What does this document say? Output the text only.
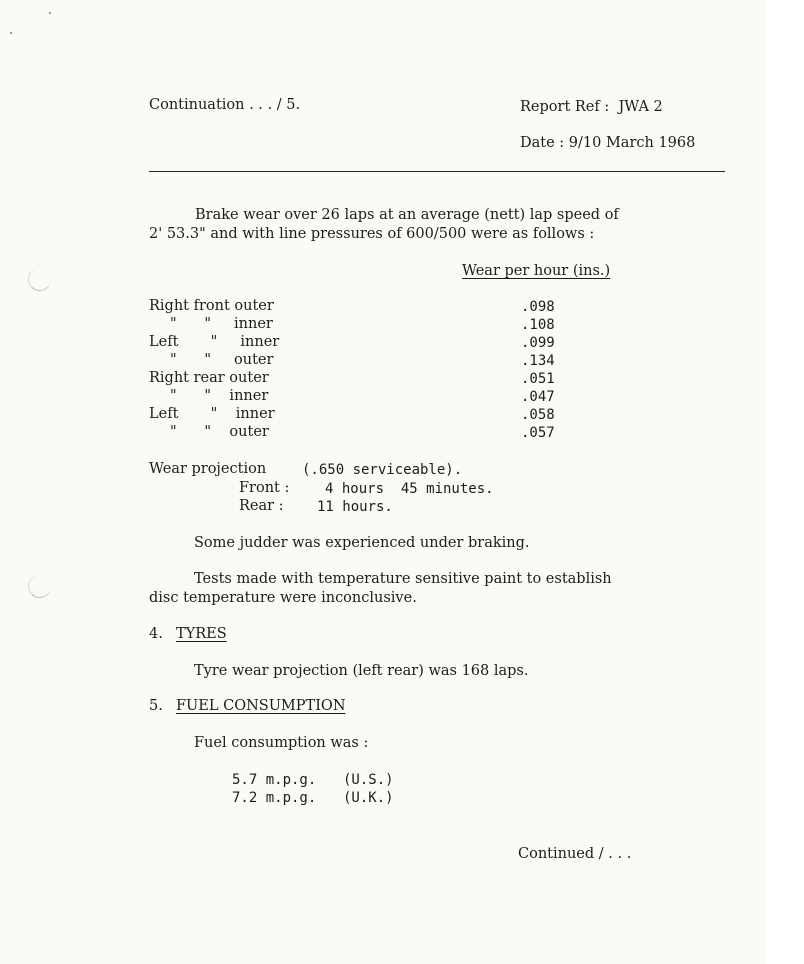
Continuation . . . / 5.	Report Ref :  JWA 2
Date : 9/10 March 1968
Brake wear over 26 laps at an average (nett) lap speed of
2' 53.3" and with line pressures of 600/500 were as follows :
Wear per hour (ins.)
Right front outer	.098
"      "     inner	.108
Left       "     inner	.099
"      "     outer	.134
Right rear outer	.051
"      "    inner	.047
Left       "    inner	.058
"      "    outer	.057
Wear projection	(.650 serviceable).
Front :	4 hours  45 minutes.
Rear : 11 hours.
Some judder was experienced under braking.
Tests made with temperature sensitive paint to establish
disc temperature were inconclusive.
4. TYRES
Tyre wear projection (left rear) was 168 laps.
5. FUEL CONSUMPTION
Fuel consumption was :
5.7 m.p.g. (U.S.)
7.2 m.p.g. (U.K.)
Continued / . . .
